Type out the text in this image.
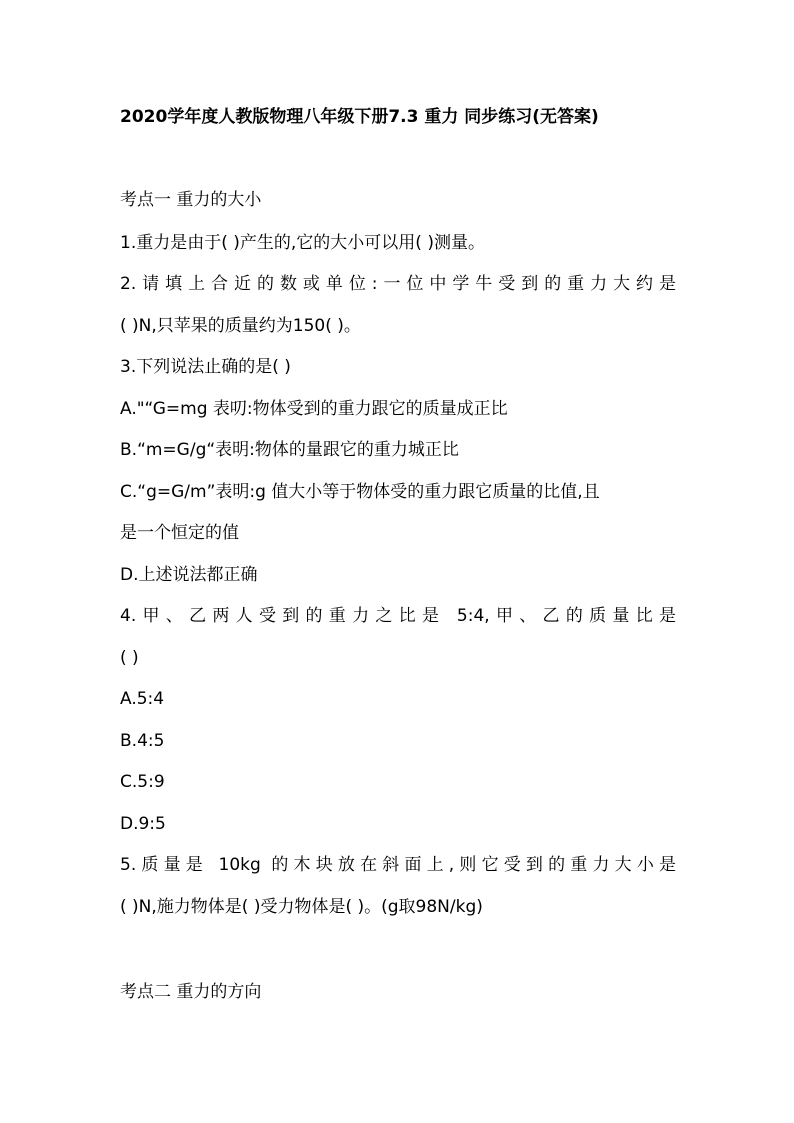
2020学年度人教版物理八年级下册7.3 重力 同步练习(无答案)
考点一 重力的大小
1.重力是由于( )产生的,它的大小可以用( )测量。
2.请填上合近的数或单位:一位中学牛受到的重力大约是
( )N,只苹果的质量约为150( )。
3.下列说法止确的是( )
A."“G=mg 表叨:物体受到的重力跟它的质量成正比
B.“m=G/g“表明:物体的量跟它的重力城正比
C.“g=G/m”表明:g 值大小等于物体受的重力跟它质量的比值,且
是一个恒定的值
D.上述说法都正确
4.甲、乙两人受到的重力之比是 5:4,甲、乙的质量比是
( )
A.5:4
B.4:5
C.5:9
D.9:5
5.质量是 10kg 的木块放在斜面上,则它受到的重力大小是
( )N,施力物体是( )受力物体是( )。(g取98N/kg)
考点二 重力的方向
